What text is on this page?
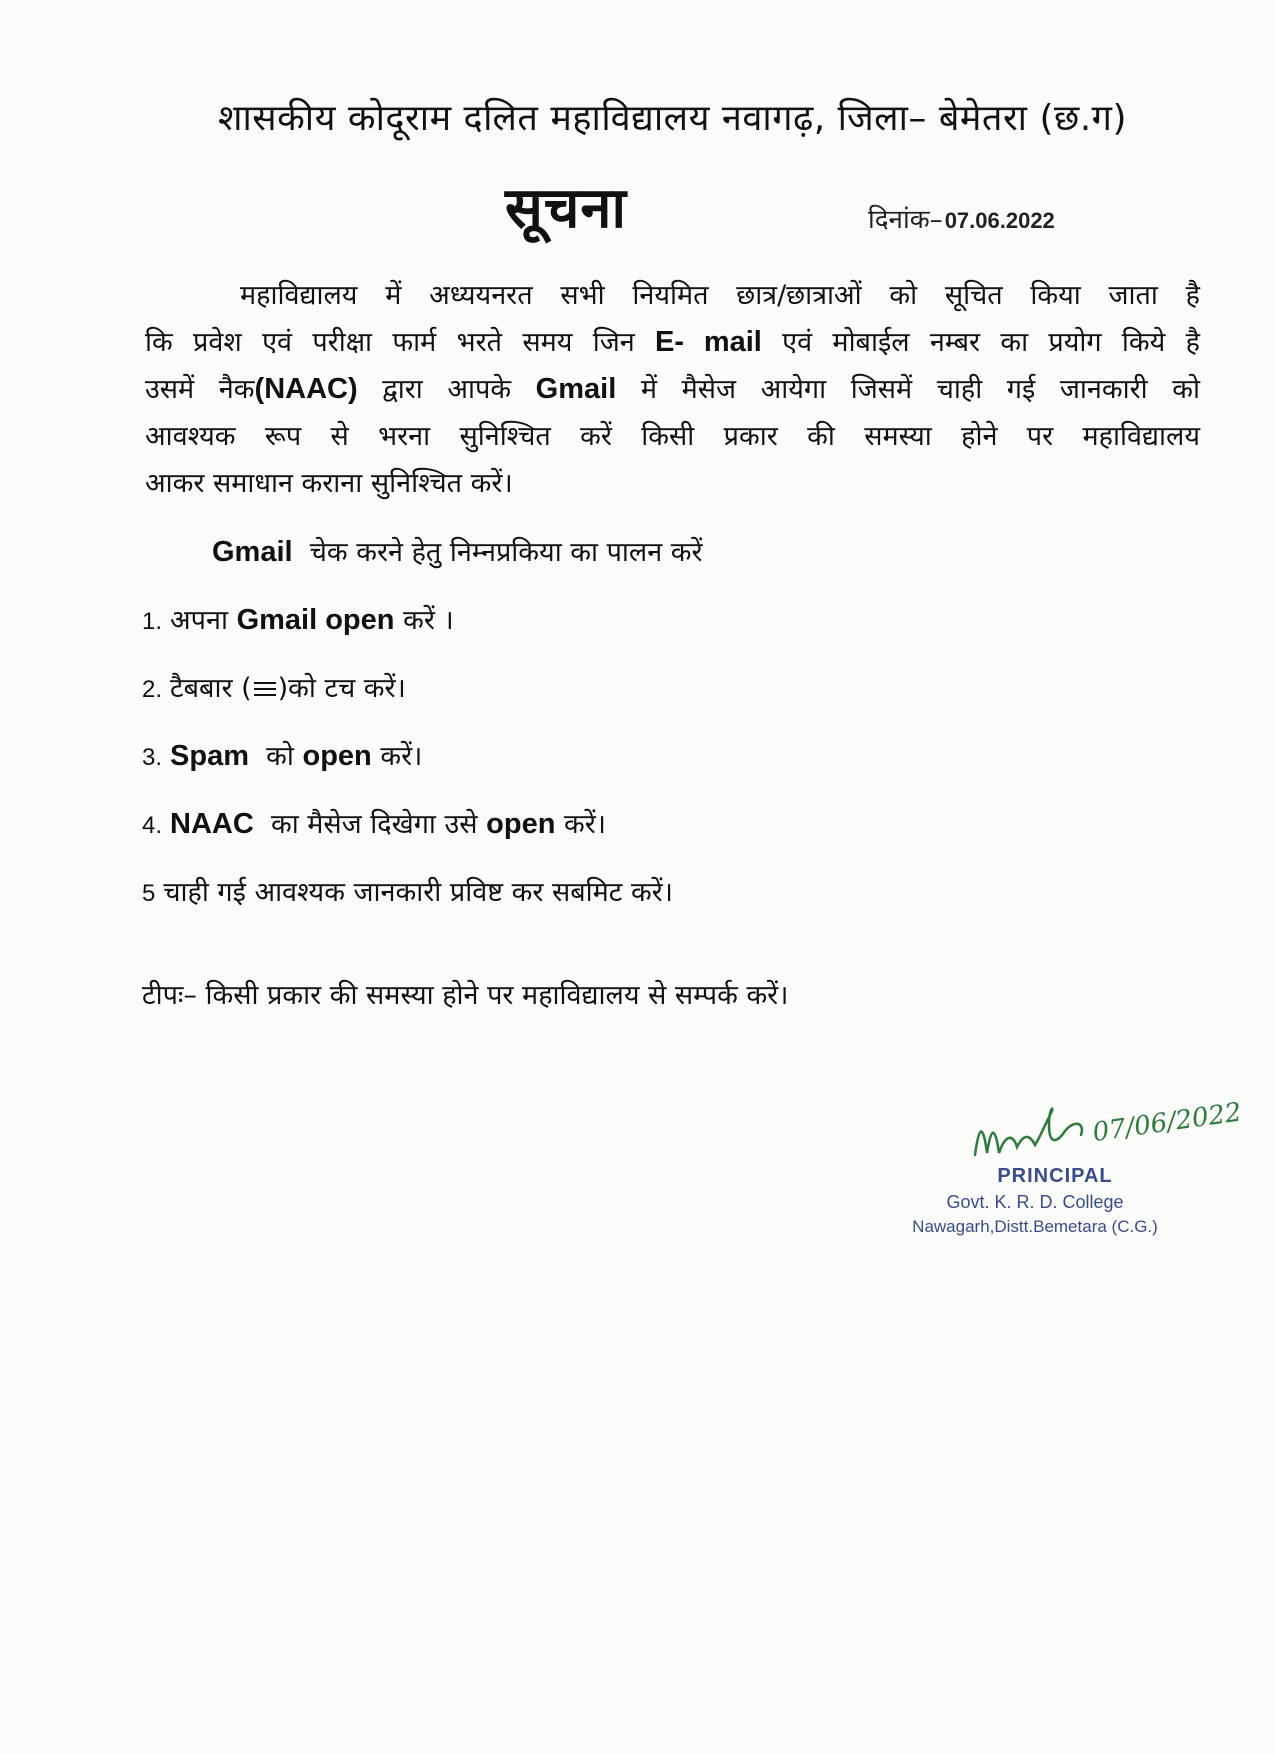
शासकीय कोदूराम दलित महाविद्यालय नवागढ़, जिला– बेमेतरा (छ.ग)
सूचना	दिनांक–07.06.2022
महाविद्यालय में अध्ययनरत सभी नियमित छात्र/छात्राओं को सूचित किया जाता है
कि प्रवेश एवं परीक्षा फार्म भरते समय जिन E- mail एवं मोबाईल नम्बर का प्रयोग किये है
उसमें नैक(NAAC) द्वारा आपके Gmail में मैसेज आयेगा जिसमें चाही गई जानकारी को
आवश्यक रूप से भरना सुनिश्चित करें किसी प्रकार की समस्या होने पर महाविद्यालय
आकर समाधान कराना सुनिश्चित करें।
Gmail चेक करने हेतु निम्नप्रकिया का पालन करें
1. अपना Gmail open करें ।
2. टैबबार ( )को टच करें।
3. Spam को open करें।
4. NAAC का मैसेज दिखेगा उसे open करें।
5 चाही गई आवश्यक जानकारी प्रविष्ट कर सबमिट करें।
टीपः– किसी प्रकार की समस्या होने पर महाविद्यालय से सम्पर्क करें।
07/06/2022
PRINCIPAL
Govt. K. R. D. College
Nawagarh,Distt.Bemetara (C.G.)
